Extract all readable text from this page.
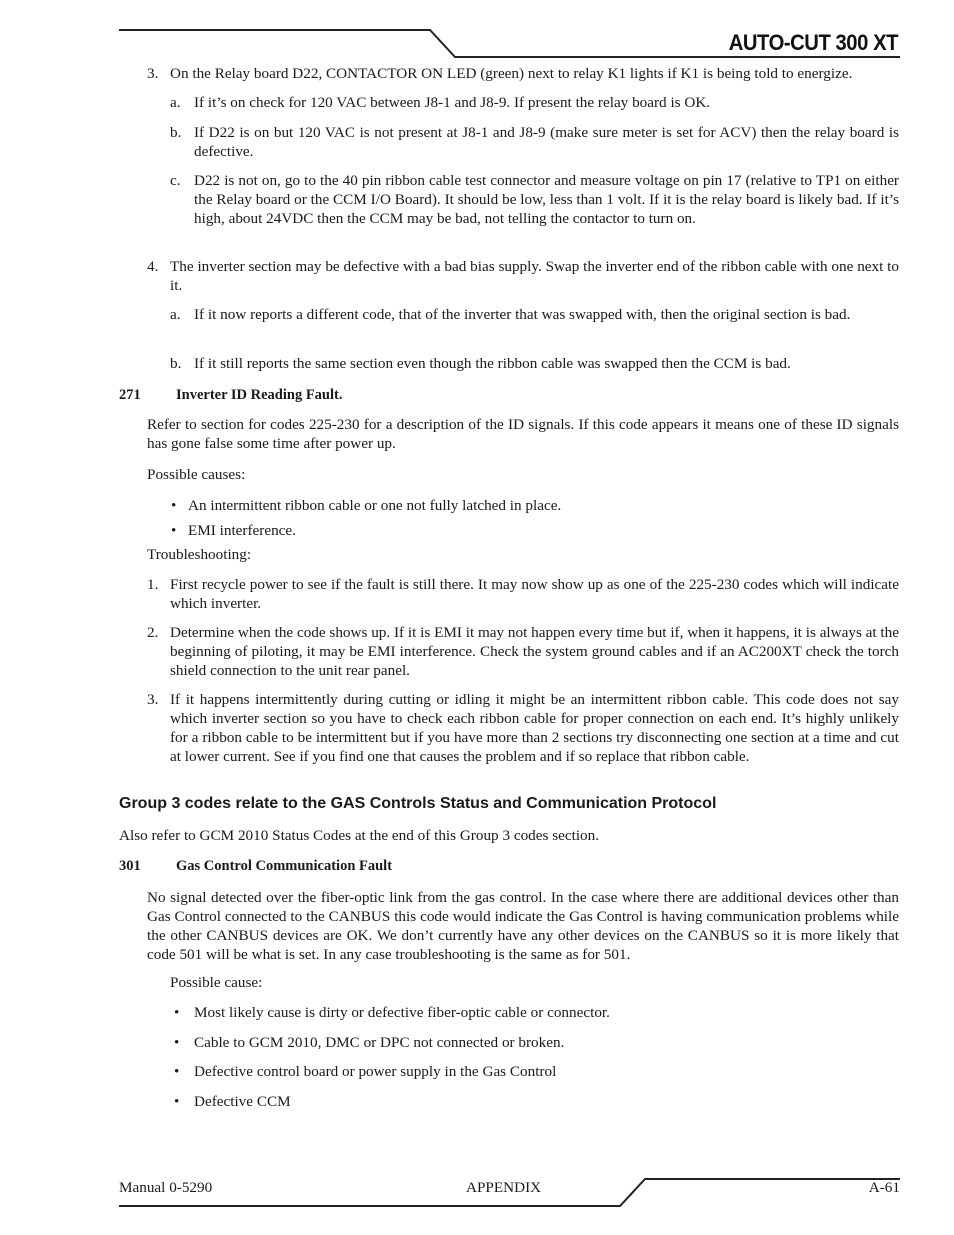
AUTO-CUT 300 XT
3. On the Relay board D22, CONTACTOR ON LED (green) next to relay K1 lights if K1 is being told to energize.
a. If it’s on check for 120 VAC between J8-1 and J8-9. If present the relay board is OK.
b. If D22 is on but 120 VAC is not present at J8-1 and J8-9 (make sure meter is set for ACV) then the relay board is defective.
c. D22 is not on, go to the 40 pin ribbon cable test connector and measure voltage on pin 17 (relative to TP1 on either the Relay board or the CCM I/O Board). It should be low, less than 1 volt. If it is the relay board is likely bad. If it’s high, about 24VDC then the CCM may be bad, not telling the contactor to turn on.
4. The inverter section may be defective with a bad bias supply. Swap the inverter end of the ribbon cable with one next to it.
a. If it now reports a different code, that of the inverter that was swapped with, then the original section is bad.
b. If it still reports the same section even though the ribbon cable was swapped then the CCM is bad.
271 Inverter ID Reading Fault.
Refer to section for codes 225-230 for a description of the ID signals. If this code appears it means one of these ID signals has gone false some time after power up.
Possible causes:
• An intermittent ribbon cable or one not fully latched in place.
• EMI interference.
Troubleshooting:
1. First recycle power to see if the fault is still there. It may now show up as one of the 225-230 codes which will indicate which inverter.
2. Determine when the code shows up. If it is EMI it may not happen every time but if, when it happens, it is always at the beginning of piloting, it may be EMI interference. Check the system ground cables and if an AC200XT check the torch shield connection to the unit rear panel.
3. If it happens intermittently during cutting or idling it might be an intermittent ribbon cable. This code does not say which inverter section so you have to check each ribbon cable for proper connection on each end. It’s highly unlikely for a ribbon cable to be intermittent but if you have more than 2 sections try disconnecting one section at a time and cut at lower current. See if you find one that causes the problem and if so replace that ribbon cable.
Group 3 codes relate to the GAS Controls Status and Communication Protocol
Also refer to GCM 2010 Status Codes at the end of this Group 3 codes section.
301 Gas Control Communication Fault
No signal detected over the fiber-optic link from the gas control. In the case where there are additional devices other than Gas Control connected to the CANBUS this code would indicate the Gas Control is having communication problems while the other CANBUS devices are OK. We don’t currently have any other devices on the CANBUS so it is more likely that code 501 will be what is set. In any case troubleshooting is the same as for 501.
Possible cause:
• Most likely cause is dirty or defective fiber-optic cable or connector.
• Cable to GCM 2010, DMC or DPC not connected or broken.
• Defective control board or power supply in the Gas Control
• Defective CCM
Manual 0-5290	APPENDIX	A-61
